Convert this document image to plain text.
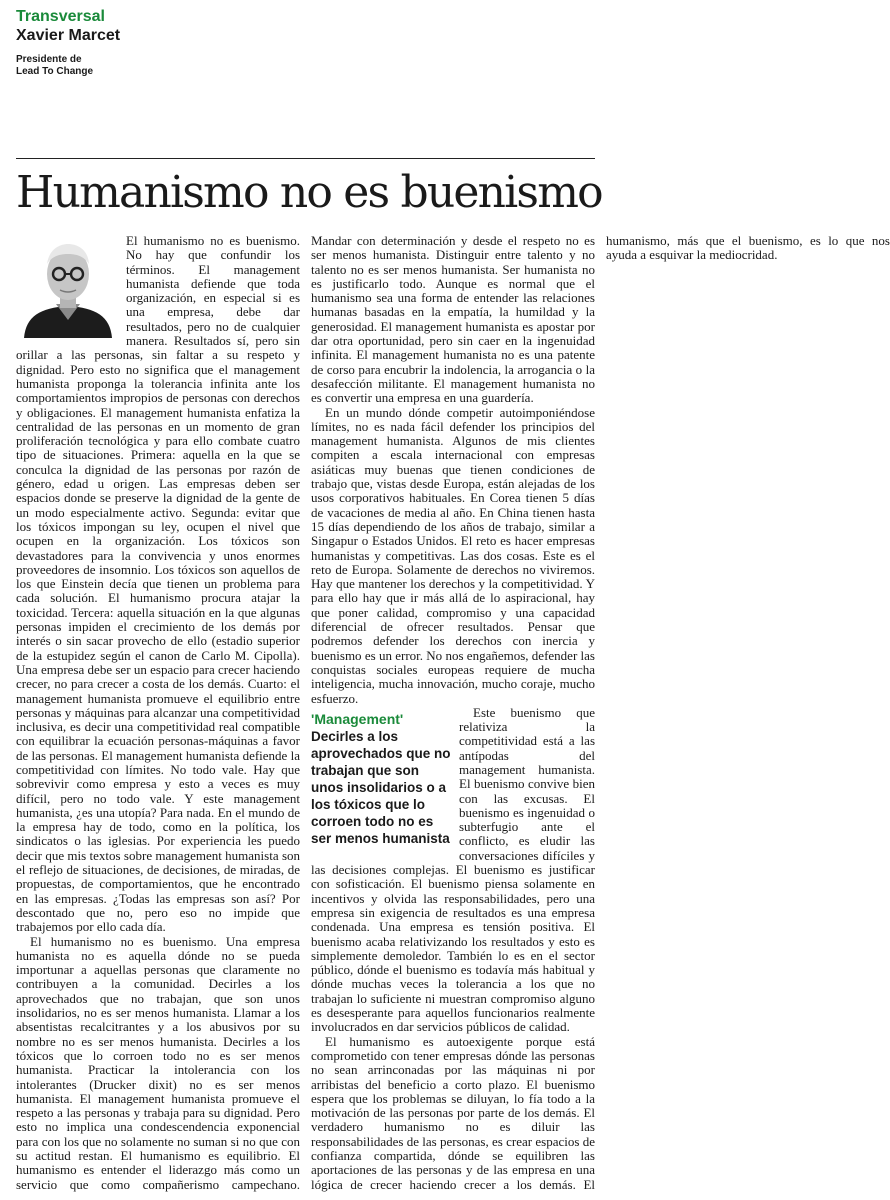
Transversal
Xavier Marcet
Presidente de
Lead To Change
Humanismo no es buenismo

El humanismo no es buenismo. No hay que confundir los términos. El management humanista defiende que toda organización, en especial si es una empresa, debe dar resultados, pero no de cualquier manera. Resultados sí, pero sin orillar a las personas, sin faltar a su respeto y dignidad. Pero esto no significa que el management humanista proponga la tolerancia infinita ante los comportamientos impropios de personas con derechos y obligaciones. El management humanista enfatiza la centralidad de las personas en un momento de gran proliferación tecnológica y para ello combate cuatro tipo de situaciones. Primera: aquella en la que se conculca la dignidad de las personas por razón de género, edad u origen. Las empresas deben ser espacios donde se preserve la dignidad de la gente de un modo especialmente activo. Segunda: evitar que los tóxicos impongan su ley, ocupen el nivel que ocupen en la organización. Los tóxicos son devastadores para la convivencia y unos enormes proveedores de insomnio. Los tóxicos son aquellos de los que Einstein decía que tienen un problema para cada solución. El humanismo procura atajar la toxicidad. Tercera: aquella situación en la que algunas personas impiden el crecimiento de los demás por interés o sin sacar provecho de ello (estadio superior de la estupidez según el canon de Carlo M. Cipolla). Una empresa debe ser un espacio para crecer haciendo crecer, no para crecer a costa de los demás. Cuarto: el management humanista promueve el equilibrio entre personas y máquinas para alcanzar una competitividad inclusiva, es decir una competitividad real compatible con equilibrar la ecuación personas-máquinas a favor de las personas. El management humanista defiende la competitividad con límites. No todo vale. Hay que sobrevivir como empresa y esto a veces es muy difícil, pero no todo vale. Y este management humanista, ¿es una utopía? Para nada. En el mundo de la empresa hay de todo, como en la política, los sindicatos o las iglesias. Por experiencia les puedo decir que mis textos sobre management humanista son el reflejo de situaciones, de decisiones, de miradas, de propuestas, de comportamientos, que he encontrado en las empresas. ¿Todas las empresas son así? Por descontado que no, pero eso no impide que trabajemos por ello cada día.

El humanismo no es buenismo. Una empresa humanista no es aquella dónde no se pueda importunar a aquellas personas que claramente no contribuyen a la comunidad. Decirles a los aprovechados que no trabajan, que son unos insolidarios, no es ser menos humanista. Llamar a los absentistas recalcitrantes y a los abusivos por su nombre no es ser menos humanista. Decirles a los tóxicos que lo corroen todo no es ser menos humanista. Practicar la intolerancia con los intolerantes (Drucker dixit) no es ser menos humanista. El management humanista promueve el respeto a las personas y trabaja para su dignidad. Pero esto no implica una condescendencia exponencial para con los que no solamente no suman si no que con su actitud restan. El humanismo es equilibrio. El humanismo es entender el liderazgo más como un servicio que como compañerismo campechano. Mandar con determinación y desde el respeto no es ser menos humanista. Distinguir entre talento y no talento no es ser menos humanista. Ser humanista no es justificarlo todo. Aunque es normal que el humanismo sea una forma de entender las relaciones humanas basadas en la empatía, la humildad y la generosidad. El management humanista es apostar por dar otra oportunidad, pero sin caer en la ingenuidad infinita. El management humanista no es una patente de corso para encubrir la indolencia, la arrogancia o la desafección militante. El management humanista no es convertir una empresa en una guardería.

En un mundo dónde competir autoimponiéndose límites, no es nada fácil defender los principios del management humanista. Algunos de mis clientes compiten a escala internacional con empresas asiáticas muy buenas que tienen condiciones de trabajo que, vistas desde Europa, están alejadas de los usos corporativos habituales. En Corea tienen 5 días de vacaciones de media al año. En China tienen hasta 15 días dependiendo de los años de trabajo, similar a Singapur o Estados Unidos. El reto es hacer empresas humanistas y competitivas. Las dos cosas. Este es el reto de Europa. Solamente de derechos no viviremos. Hay que mantener los derechos y la competitividad. Y para ello hay que ir más allá de lo aspiracional, hay que poner calidad, compromiso y una capacidad diferencial de ofrecer resultados. Pensar que podremos defender los derechos con inercia y buenismo es un error. No nos engañemos, defender las conquistas sociales europeas requiere de mucha inteligencia, mucha innovación, mucho coraje, mucho esfuerzo.

'Management'
Decirles a los aprovechados que no trabajan que son unos insolidarios o a los tóxicos que lo corroen todo no es ser menos humanista

Este buenismo que relativiza la competitividad está a las antípodas del management humanista. El buenismo convive bien con las excusas. El buenismo es ingenuidad o subterfugio ante el conflicto, es eludir las conversaciones difíciles y las decisiones complejas. El buenismo es justificar con sofisticación. El buenismo piensa solamente en incentivos y olvida las responsabilidades, pero una empresa sin exigencia de resultados es una empresa condenada. Una empresa es tensión positiva. El buenismo acaba relativizando los resultados y esto es simplemente demoledor. También lo es en el sector público, dónde el buenismo es todavía más habitual y dónde muchas veces la tolerancia a los que no trabajan lo suficiente ni muestran compromiso alguno es desesperante para aquellos funcionarios realmente involucrados en dar servicios públicos de calidad.

El humanismo es autoexigente porque está comprometido con tener empresas dónde las personas no sean arrinconadas por las máquinas ni por arribistas del beneficio a corto plazo. El buenismo espera que los problemas se diluyan, lo fía todo a la motivación de las personas por parte de los demás. El verdadero humanismo no es diluir las responsabilidades de las personas, es crear espacios de confianza compartida, dónde se equilibren las aportaciones de las personas y de las empresa en una lógica de crecer haciendo crecer a los demás. El humanismo, más que el buenismo, es lo que nos ayuda a esquivar la mediocridad.
